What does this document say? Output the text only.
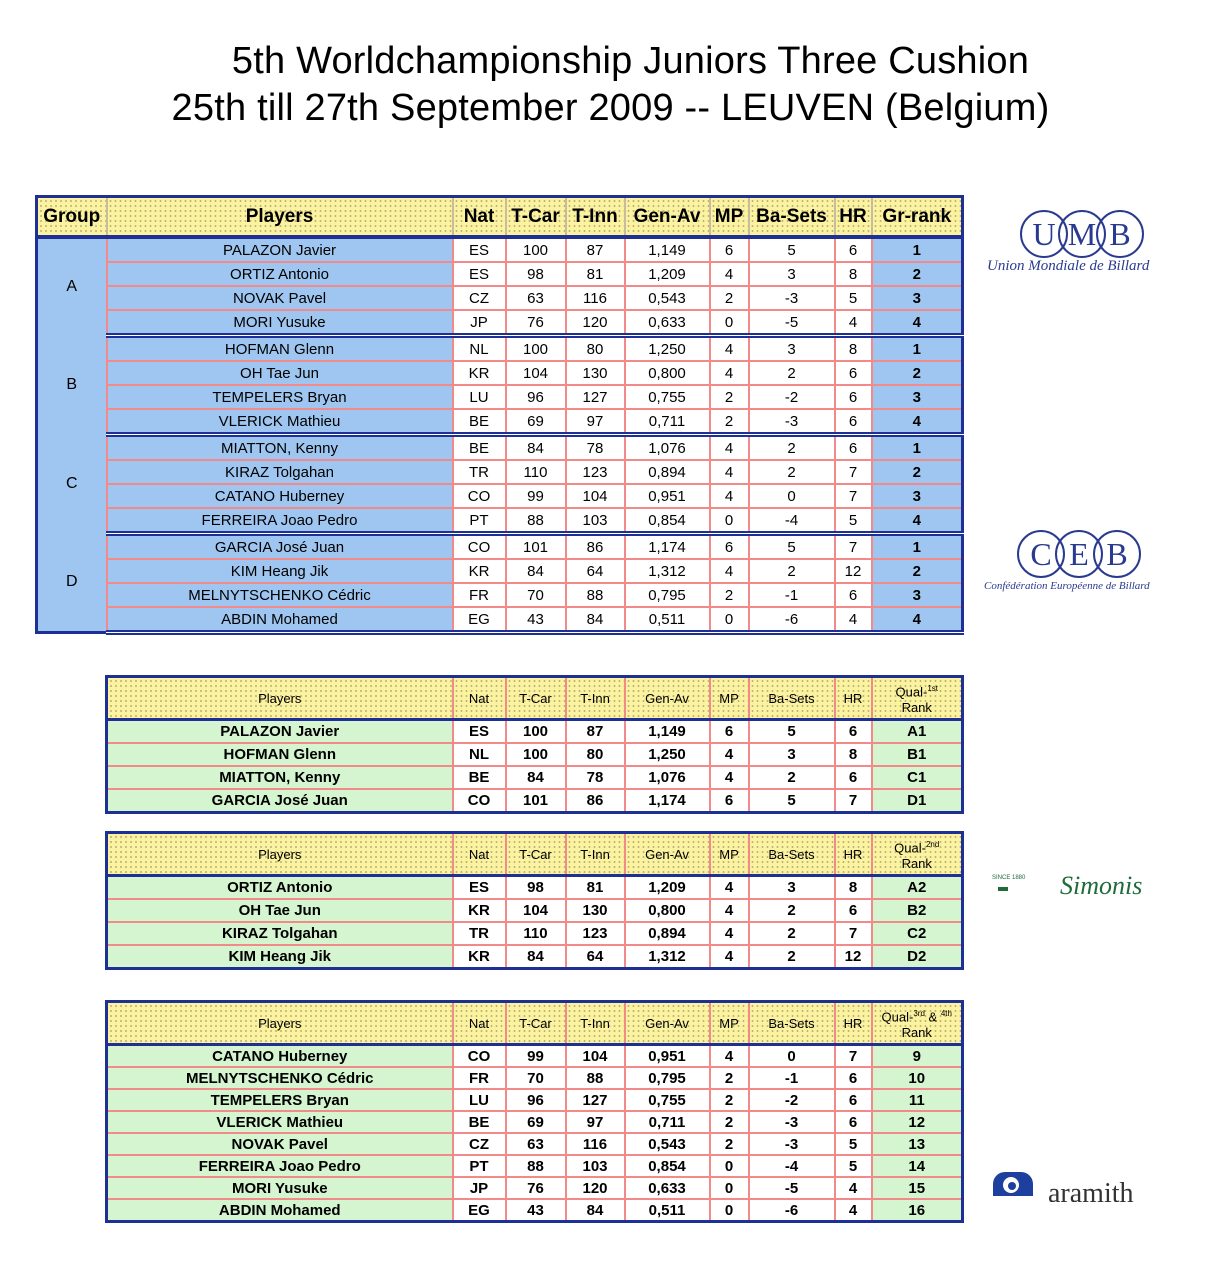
5th Worldchampionship Juniors Three Cushion
25th till 27th September 2009 -- LEUVEN (Belgium)
Group	Players	Nat	T-Car	T-Inn	Gen-Av	MP	Ba-Sets	HR	Gr-rank
A	PALAZON Javier	ES	100	87	1,149	6	5	6	1
	ORTIZ Antonio	ES	98	81	1,209	4	3	8	2
	NOVAK Pavel	CZ	63	116	0,543	2	-3	5	3
	MORI Yusuke	JP	76	120	0,633	0	-5	4	4
B	HOFMAN Glenn	NL	100	80	1,250	4	3	8	1
	OH Tae Jun	KR	104	130	0,800	4	2	6	2
	TEMPELERS Bryan	LU	96	127	0,755	2	-2	6	3
	VLERICK Mathieu	BE	69	97	0,711	2	-3	6	4
C	MIATTON, Kenny	BE	84	78	1,076	4	2	6	1
	KIRAZ Tolgahan	TR	110	123	0,894	4	2	7	2
	CATANO Huberney	CO	99	104	0,951	4	0	7	3
	FERREIRA Joao Pedro	PT	88	103	0,854	0	-4	5	4
D	GARCIA José Juan	CO	101	86	1,174	6	5	7	1
	KIM Heang Jik	KR	84	64	1,312	4	2	12	2
	MELNYTSCHENKO Cédric	FR	70	88	0,795	2	-1	6	3
	ABDIN Mohamed	EG	43	84	0,511	0	-6	4	4
Players	Nat	T-Car	T-Inn	Gen-Av	MP	Ba-Sets	HR	Qual-$^{1st}$
Rank
PALAZON Javier	ES	100	87	1,149	6	5	6	A1
HOFMAN Glenn	NL	100	80	1,250	4	3	8	B1
MIATTON, Kenny	BE	84	78	1,076	4	2	6	C1
GARCIA José Juan	CO	101	86	1,174	6	5	7	D1
Players	Nat	T-Car	T-Inn	Gen-Av	MP	Ba-Sets	HR	Qual-$^{2nd}$
Rank
ORTIZ Antonio	ES	98	81	1,209	4	3	8	A2
OH Tae Jun	KR	104	130	0,800	4	2	6	B2
KIRAZ Tolgahan	TR	110	123	0,894	4	2	7	C2
KIM Heang Jik	KR	84	64	1,312	4	2	12	D2
Players	Nat	T-Car	T-Inn	Gen-Av	MP	Ba-Sets	HR	Qual-$^{3rd}$ & $^{4th}$
Rank
CATANO Huberney	CO	99	104	0,951	4	0	7	9
MELNYTSCHENKO Cédric	FR	70	88	0,795	2	-1	6	10
TEMPELERS Bryan	LU	96	127	0,755	2	-2	6	11
VLERICK Mathieu	BE	69	97	0,711	2	-3	6	12
NOVAK Pavel	CZ	63	116	0,543	2	-3	5	13
FERREIRA Joao Pedro	PT	88	103	0,854	0	-4	5	14
MORI Yusuke	JP	76	120	0,633	0	-5	4	15
ABDIN Mohamed	EG	43	84	0,511	0	-6	4	16
U M B
Union Mondiale de Billard
C E B
Confédération Européenne de Billard
SINCE 1880 Simonis
aramith
